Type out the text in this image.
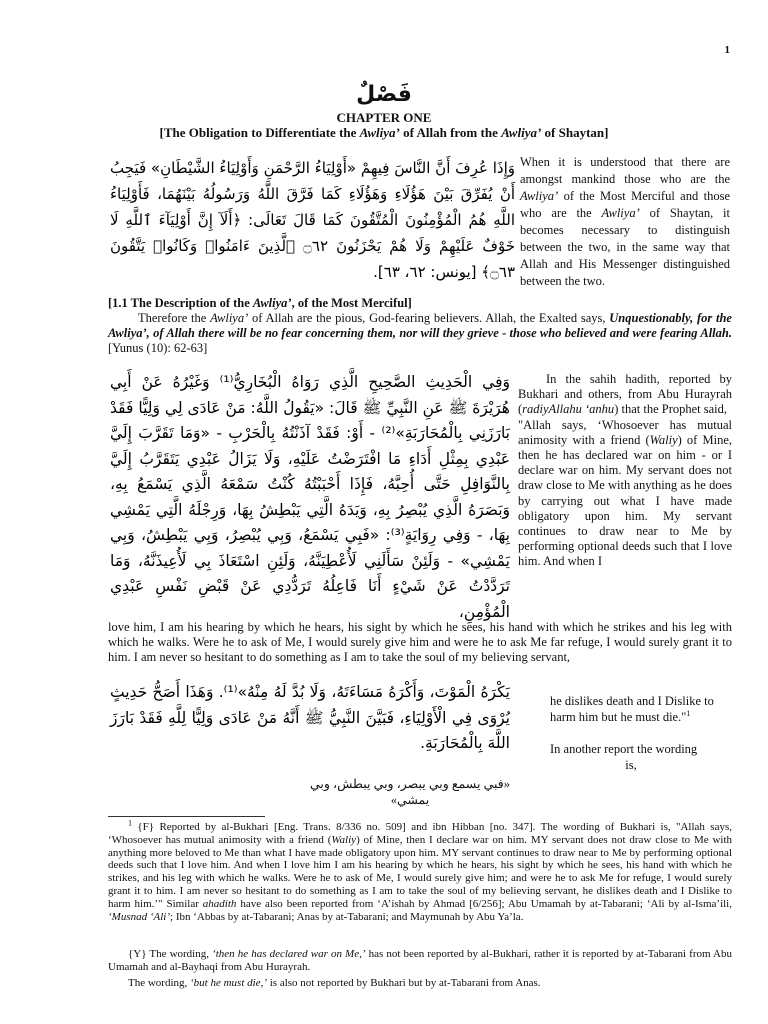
1
فَصْلٌ
CHAPTER ONE
[The Obligation to Differentiate the Awliya’ of Allah from the Awliya’ of Shaytan]
وَإِذَا عُرِفَ أَنَّ النَّاسَ فِيهِمْ «أَوْلِيَاءُ الرَّحْمَنِ وَأَوْلِيَاءُ الشَّيْطَانِ» فَيَجِبُ أَنْ يُفَرِّقَ بَيْنَ هَؤُلَاءِ وَهَؤُلَاءِ كَمَا فَرَّقَ اللَّهُ وَرَسُولُهُ بَيْنَهُمَا، فَأَوْلِيَاءُ اللَّهِ هُمُ الْمُؤْمِنُونَ الْمُتَّقُونَ كَمَا قَالَ تَعَالَى: ﴿أَلَآ إِنَّ أَوْلِيَآءَ ٱللَّهِ لَا خَوْفٌ عَلَيْهِمْ وَلَا هُمْ يَحْزَنُونَ ۝٦٢ ٱلَّذِينَ ءَامَنُوا۟ وَكَانُوا۟ يَتَّقُونَ ۝٦٣﴾ [يونس: ٦٢، ٦٣].
When it is understood that there are amongst mankind those who are the Awliya’ of the Most Merciful and those who are the Awliya’ of Shaytan, it becomes necessary to distinguish between the two, in the same way that Allah and His Messenger distinguished between the two.
[1.1 The Description of the Awliya’, of the Most Merciful]
Therefore the Awliya’ of Allah are the pious, God-fearing believers. Allah, the Exalted says, Unquestionably, for the Awliya’, of Allah there will be no fear concerning them, nor will they grieve - those who believed and were fearing Allah. [Yunus (10): 62-63]
وَفِي الْحَدِيثِ الصَّحِيحِ الَّذِي رَوَاهُ الْبُخَارِيُّ⁽¹⁾ وَغَيْرُهُ عَنْ أَبِي هُرَيْرَةَ ﷺ عَنِ النَّبِيِّ ﷺ قَالَ: «يَقُولُ اللَّهُ: مَنْ عَادَى لِي وَلِيًّا فَقَدْ بَارَزَنِي بِالْمُحَارَبَةِ»⁽²⁾ - أَوْ: فَقَدْ آذَنْتُهُ بِالْحَرْبِ - «وَمَا تَقَرَّبَ إِلَيَّ عَبْدِي بِمِثْلِ أَدَاءِ مَا افْتَرَضْتُ عَلَيْهِ، وَلَا يَزَالُ عَبْدِي يَتَقَرَّبُ إِلَيَّ بِالنَّوَافِلِ حَتَّى أُحِبَّهُ، فَإِذَا أَحْبَبْتُهُ كُنْتُ سَمْعَهُ الَّذِي يَسْمَعُ بِهِ، وَبَصَرَهُ الَّذِي يُبْصِرُ بِهِ، وَيَدَهُ الَّتِي يَبْطِشُ بِهَا، وَرِجْلَهُ الَّتِي يَمْشِي بِهَا، - وَفِي رِوَايَةٍ⁽³⁾: «فَبِي يَسْمَعُ، وَبِي يُبْصِرُ، وَبِي يَبْطِشُ، وَبِي يَمْشِي» - وَلَئِنْ سَأَلَنِي لَأُعْطِيَنَّهُ، وَلَئِنِ اسْتَعَاذَ بِي لَأُعِيذَنَّهُ، وَمَا تَرَدَّدْتُ عَنْ شَيْءٍ أَنَا فَاعِلُهُ تَرَدُّدِي عَنْ قَبْضِ نَفْسِ عَبْدِي الْمُؤْمِنِ،

In the sahih hadith, reported by Bukhari and others, from Abu Hurayrah (radiyAllahu ‘anhu) that the Prophet said,

"Allah says, ‘Whosoever has mutual animosity with a friend (Waliy) of Mine, then he has declared war on him - or I declare war on him. My servant does not draw close to Me with anything as he does by carrying out what I have made obligatory upon him. My servant continues to draw near to Me by performing optional deeds such that I love him. And when I

love him, I am his hearing by which he hears, his sight by which he sees, his hand with which he strikes and his leg with which he walks. Were he to ask of Me, I would surely give him and were he to ask Me far refuge, I would surely grant it to him. I am never so hesitant to do something as I am to take the soul of my believing servant,
يَكْرَهُ الْمَوْتَ، وَأَكْرَهُ مَسَاءَتَهُ، وَلَا بُدَّ لَهُ مِنْهُ»⁽¹⁾. وَهَذَا أَصَحُّ حَدِيثٍ يُرْوَى فِي الْأَوْلِيَاءِ، فَبَيَّنَ النَّبِيُّ ﷺ أَنَّهُ مَنْ عَادَى وَلِيًّا لِلَّهِ فَقَدْ بَارَزَ اللَّهَ بِالْمُحَارَبَةِ.
he dislikes death and I Dislike to harm him but he must die."$^1$
In another report the wording
is,
«فبي يسمع وبي يبصر، وبي يبطش، وبي يمشي»
$^1$ {F} Reported by al-Bukhari [Eng. Trans. 8/336 no. 509] and ibn Hibban [no. 347]. The wording of Bukhari is, "Allah says, ‘Whosoever has mutual animosity with a friend (Waliy) of Mine, then I declare war on him. MY servant does not draw close to Me with anything more beloved to Me than what I have made obligatory upon him. MY servant continues to draw near to Me by performing optional deeds such that I love him. And when I love him I am his hearing by which he hears, his sight by which he sees, his hand with which he strikes, and his leg with which he walks. Were he to ask of Me, I would surely give him; and were he to ask Me for refuge, I would surely grant it to him. I am never so hesitant to do something as I am to take the soul of my believing servant, he dislikes death and I Dislike to harm him.’" Similar ahadith have also been reported from ‘A’ishah by Ahmad [6/256]; Abu Umamah by at-Tabarani; ‘Ali by al-Isma’ili, ‘Musnad ‘Ali’; Ibn ‘Abbas by at-Tabarani; Anas by at-Tabarani; and Maymunah by Abu Ya’la.
{Y} The wording, ‘then he has declared war on Me,’ has not been reported by al-Bukhari, rather it is reported by at-Tabarani from Abu Umamah and al-Bayhaqi from Abu Hurayrah.
The wording, ‘but he must die,’ is also not reported by Bukhari but by at-Tabarani from Anas.
